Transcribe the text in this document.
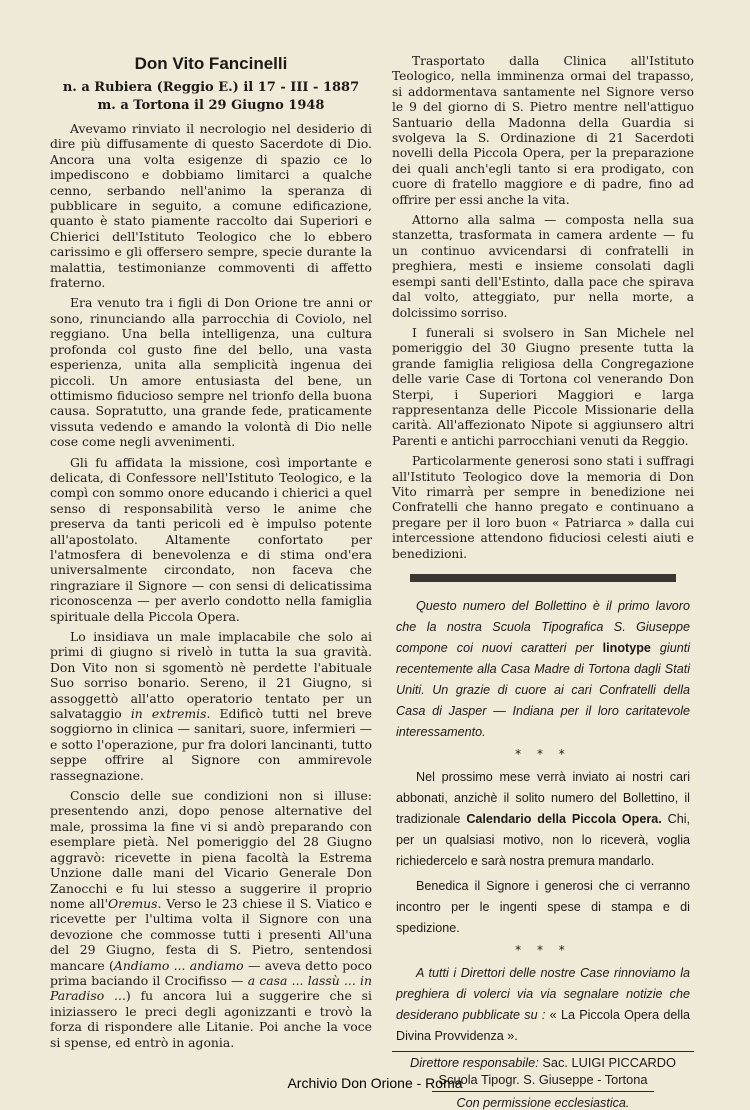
Don Vito Fancinelli
n. a Rubiera (Reggio E.) il 17 - III - 1887
m. a Tortona il 29 Giugno 1948

Avevamo rinviato il necrologio nel desiderio di dire più diffusamente di questo Sacerdote di Dio. Ancora una volta esigenze di spazio ce lo impediscono e dobbiamo limitarci a qualche cenno, serbando nell'animo la speranza di pubblicare in seguito, a comune edificazione, quanto è stato piamente raccolto dai Superiori e Chierici dell'Istituto Teologico che lo ebbero carissimo e gli offersero sempre, specie durante la malattia, testimonianze commoventi di affetto fraterno.

Era venuto tra i figli di Don Orione tre anni or sono, rinunciando alla parrocchia di Coviolo, nel reggiano. Una bella intelligenza, una cultura profonda col gusto fine del bello, una vasta esperienza, unita alla semplicità ingenua dei piccoli. Un amore entusiasta del bene, un ottimismo fiducioso sempre nel trionfo della buona causa. Sopratutto, una grande fede, praticamente vissuta vedendo e amando la volontà di Dio nelle cose come negli avvenimenti.

Gli fu affidata la missione, così importante e delicata, di Confessore nell'Istituto Teologico, e la compì con sommo onore educando i chierici a quel senso di responsabilità verso le anime che preserva da tanti pericoli ed è impulso potente all'apostolato. Altamente confortato per l'atmosfera di benevolenza e di stima ond'era universalmente circondato, non faceva che ringraziare il Signore — con sensi di delicatissima riconoscenza — per averlo condotto nella famiglia spirituale della Piccola Opera.

Lo insidiava un male implacabile che solo ai primi di giugno si rivelò in tutta la sua gravità. Don Vito non si sgomentò nè perdette l'abituale Suo sorriso bonario. Sereno, il 21 Giugno, si assoggettò all'atto operatorio tentato per un salvataggio in extremis. Edificò tutti nel breve soggiorno in clinica — sanitari, suore, infermieri — e sotto l'operazione, pur fra dolori lancinanti, tutto seppe offrire al Signore con ammirevole rassegnazione.

Conscio delle sue condizioni non si illuse: presentendo anzi, dopo penose alternative del male, prossima la fine vi si andò preparando con esemplare pietà. Nel pomeriggio del 28 Giugno aggravò: ricevette in piena facoltà la Estrema Unzione dalle mani del Vicario Generale Don Zanocchi e fu lui stesso a suggerire il proprio nome all'Oremus. Verso le 23 chiese il S. Viatico e ricevette per l'ultima volta il Signore con una devozione che commosse tutti i presenti All'una del 29 Giugno, festa di S. Pietro, sentendosi mancare (Andiamo ... andiamo — aveva detto poco prima baciando il Crocifisso — a casa ... lassù ... in Paradiso ...) fu ancora lui a suggerire che si iniziassero le preci degli agonizzanti e trovò la forza di rispondere alle Litanie. Poi anche la voce si spense, ed entrò in agonia.

Trasportato dalla Clinica all'Istituto Teologico, nella imminenza ormai del trapasso, si addormentava santamente nel Signore verso le 9 del giorno di S. Pietro mentre nell'attiguo Santuario della Madonna della Guardia si svolgeva la S. Ordinazione di 21 Sacerdoti novelli della Piccola Opera, per la preparazione dei quali anch'egli tanto si era prodigato, con cuore di fratello maggiore e di padre, fino ad offrire per essi anche la vita.

Attorno alla salma — composta nella sua stanzetta, trasformata in camera ardente — fu un continuo avvicendarsi di confratelli in preghiera, mesti e insieme consolati dagli esempi santi dell'Estinto, dalla pace che spirava dal volto, atteggiato, pur nella morte, a dolcissimo sorriso.

I funerali si svolsero in San Michele nel pomeriggio del 30 Giugno presente tutta la grande famiglia religiosa della Congregazione delle varie Case di Tortona col venerando Don Sterpi, i Superiori Maggiori e larga rappresentanza delle Piccole Missionarie della carità. All'affezionato Nipote si aggiunsero altri Parenti e antichi parrocchiani venuti da Reggio.

Particolarmente generosi sono stati i suffragi all'Istituto Teologico dove la memoria di Don Vito rimarrà per sempre in benedizione nei Confratelli che hanno pregato e continuano a pregare per il loro buon « Patriarca » dalla cui intercessione attendono fiduciosi celesti aiuti e benedizioni.

Questo numero del Bollettino è il primo lavoro che la nostra Scuola Tipografica S. Giuseppe compone coi nuovi caratteri per linotype giunti recentemente alla Casa Madre di Tortona dagli Stati Uniti. Un grazie di cuore ai cari Confratelli della Casa di Jasper — Indiana per il loro caritatevole interessamento.

* * *

Nel prossimo mese verrà inviato ai nostri cari abbonati, anzichè il solito numero del Bollettino, il tradizionale Calendario della Piccola Opera. Chi, per un qualsiasi motivo, non lo riceverà, voglia richiedercelo e sarà nostra premura mandarlo.

Benedica il Signore i generosi che ci verranno incontro per le ingenti spese di stampa e di spedizione.

* * *

A tutti i Direttori delle nostre Case rinnoviamo la preghiera di volerci via via segnalare notizie che desiderano pubblicate su : « La Piccola Opera della Divina Provvidenza ».

Direttore responsabile: Sac. LUIGI PICCARDO

Scuola Tipogr. S. Giuseppe - Tortona

Con permissione ecclesiastica.

Archivio Don Orione - Roma
